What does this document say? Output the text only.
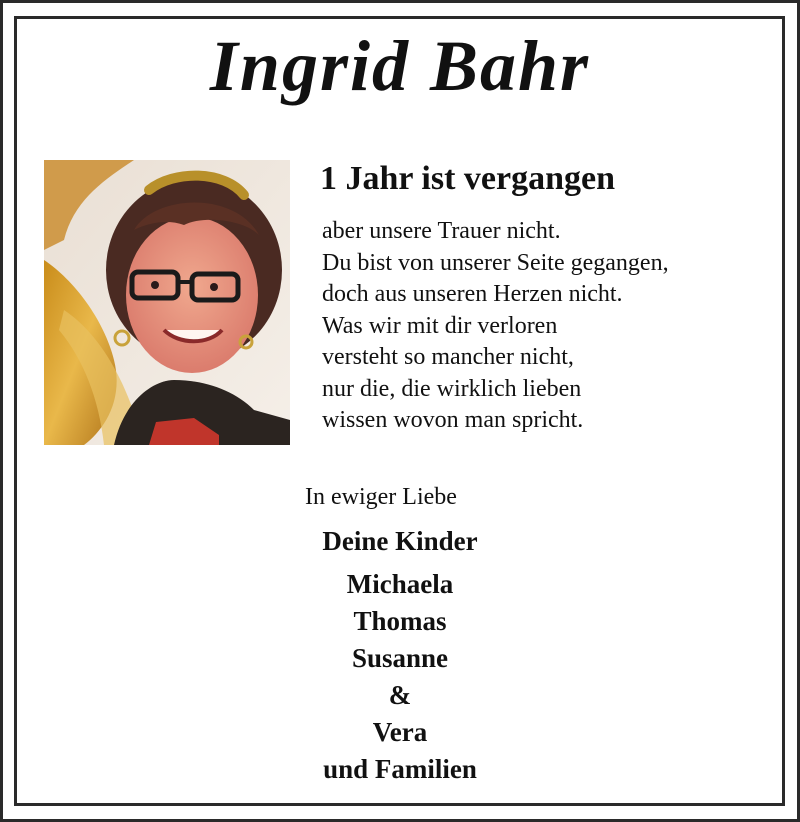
Ingrid Bahr
1 Jahr ist vergangen
aber unsere Trauer nicht.
Du bist von unserer Seite gegangen,
doch aus unseren Herzen nicht.
Was wir mit dir verloren
versteht so mancher nicht,
nur die, die wirklich lieben
wissen wovon man spricht.
In ewiger Liebe
Deine Kinder
Michaela
Thomas
Susanne
&
Vera
und Familien
